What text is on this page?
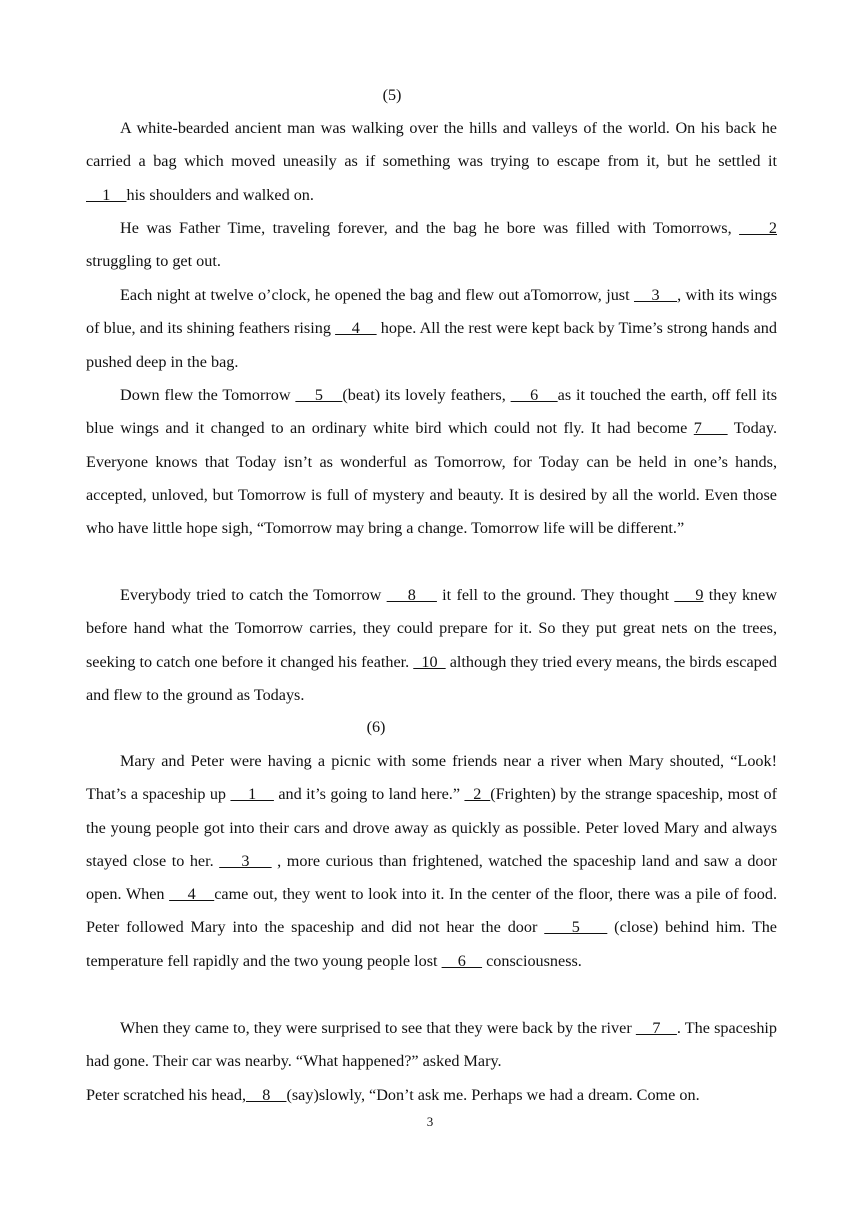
(5)

A white-bearded ancient man was walking over the hills and valleys of the world. On his back he carried a bag which moved uneasily as if something was trying to escape from it, but he settled it     1    his shoulders and walked on.

He was Father Time, traveling forever, and the bag he bore was filled with Tomorrows,     2 struggling to get out.

Each night at twelve o’clock, he opened the bag and flew out aTomorrow, just     3    , with its wings of blue, and its shining feathers rising     4     hope. All the rest were kept back by Time’s strong hands and pushed deep in the bag.

Down flew the Tomorrow     5    (beat) its lovely feathers,     6    as it touched the earth, off fell its blue wings and it changed to an ordinary white bird which could not fly. It had become 7     Today. Everyone knows that Today isn’t as wonderful as Tomorrow, for Today can be held in one’s hands, accepted, unloved, but Tomorrow is full of mystery and beauty. It is desired by all the world. Even those who have little hope sigh, “Tomorrow may bring a change. Tomorrow life will be different.”

Everybody tried to catch the Tomorrow     8     it fell to the ground. They thought     9 they knew before hand what the Tomorrow carries, they could prepare for it. So they put great nets on the trees, seeking to catch one before it changed his feather.   10   although they tried every means, the birds escaped and flew to the ground as Todays.

(6)

Mary and Peter were having a picnic with some friends near a river when Mary shouted, “Look! That’s a spaceship up     1     and it’s going to land here.”   2  (Frighten) by the strange spaceship, most of the young people got into their cars and drove away as quickly as possible. Peter loved Mary and always stayed close to her.     3     , more curious than frightened, watched the spaceship land and saw a door open. When     4    came out, they went to look into it. In the center of the floor, there was a pile of food. Peter followed Mary into the spaceship and did not hear the door     5     (close) behind him. The temperature fell rapidly and the two young people lost     6     consciousness.

When they came to, they were surprised to see that they were back by the river     7    . The spaceship had gone. Their car was nearby. “What happened?” asked Mary.

Peter scratched his head,    8    (say)slowly, “Don’t ask me. Perhaps we had a dream. Come on.

3
